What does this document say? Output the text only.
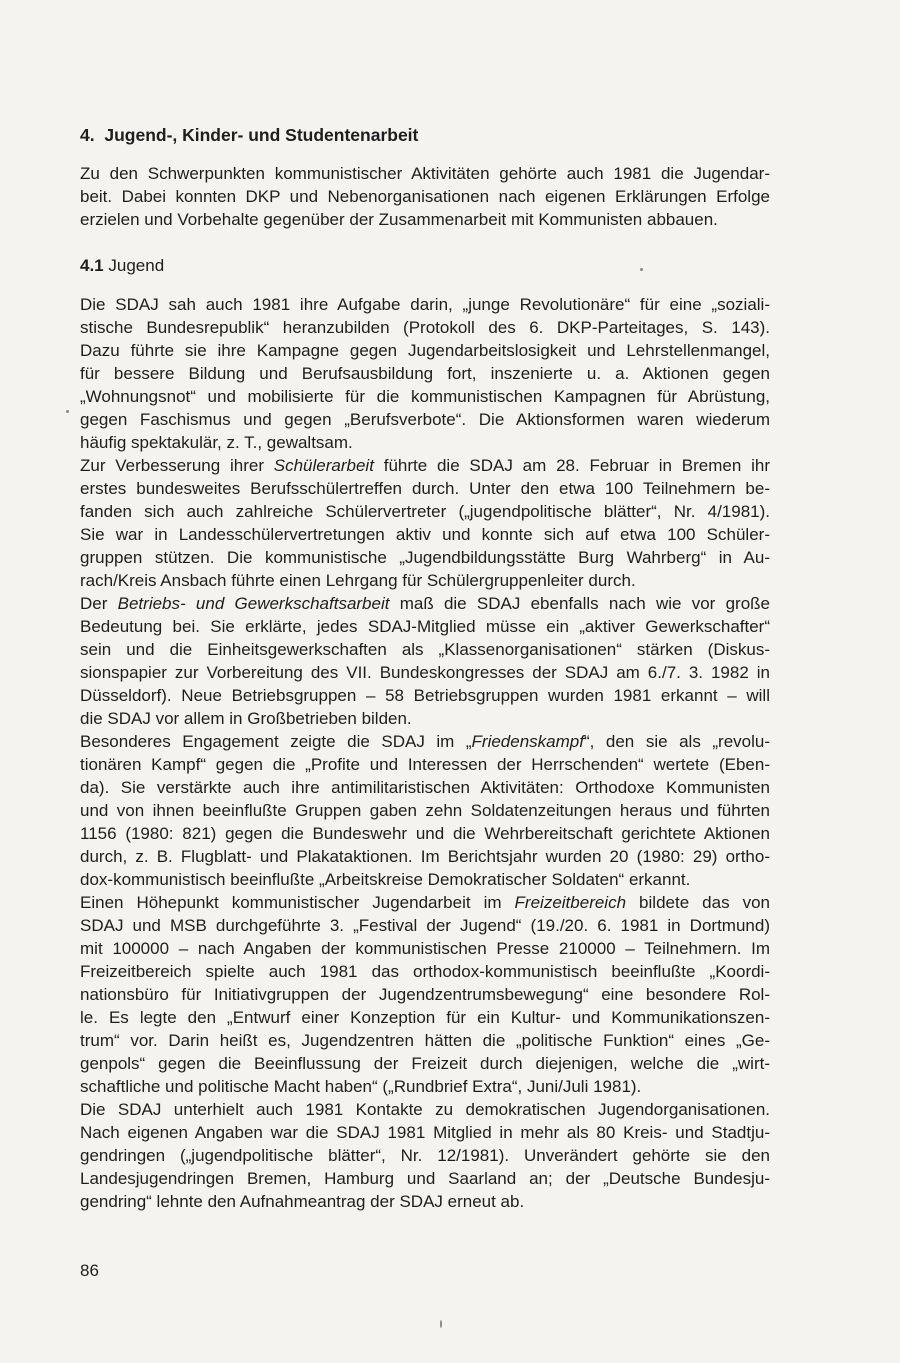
4. Jugend-, Kinder- und Studentenarbeit
Zu den Schwerpunkten kommunistischer Aktivitäten gehörte auch 1981 die Jugendar-
beit. Dabei konnten DKP und Nebenorganisationen nach eigenen Erklärungen Erfolge
erzielen und Vorbehalte gegenüber der Zusammenarbeit mit Kommunisten abbauen.
4.1 Jugend
Die SDAJ sah auch 1981 ihre Aufgabe darin, „junge Revolutionäre“ für eine „soziali-
stische Bundesrepublik“ heranzubilden (Protokoll des 6. DKP-Parteitages, S. 143).
Dazu führte sie ihre Kampagne gegen Jugendarbeitslosigkeit und Lehrstellenmangel,
für bessere Bildung und Berufsausbildung fort, inszenierte u. a. Aktionen gegen
„Wohnungsnot“ und mobilisierte für die kommunistischen Kampagnen für Abrüstung,
gegen Faschismus und gegen „Berufsverbote“. Die Aktionsformen waren wiederum
häufig spektakulär, z. T., gewaltsam.
Zur Verbesserung ihrer Schülerarbeit führte die SDAJ am 28. Februar in Bremen ihr
erstes bundesweites Berufsschülertreffen durch. Unter den etwa 100 Teilnehmern be-
fanden sich auch zahlreiche Schülervertreter („jugendpolitische blätter“, Nr. 4/1981).
Sie war in Landesschülervertretungen aktiv und konnte sich auf etwa 100 Schüler-
gruppen stützen. Die kommunistische „Jugendbildungsstätte Burg Wahrberg“ in Au-
rach/Kreis Ansbach führte einen Lehrgang für Schülergruppenleiter durch.
Der Betriebs- und Gewerkschaftsarbeit maß die SDAJ ebenfalls nach wie vor große
Bedeutung bei. Sie erklärte, jedes SDAJ-Mitglied müsse ein „aktiver Gewerkschafter“
sein und die Einheitsgewerkschaften als „Klassenorganisationen“ stärken (Diskus-
sionspapier zur Vorbereitung des VII. Bundeskongresses der SDAJ am 6./7. 3. 1982 in
Düsseldorf). Neue Betriebsgruppen – 58 Betriebsgruppen wurden 1981 erkannt – will
die SDAJ vor allem in Großbetrieben bilden.
Besonderes Engagement zeigte die SDAJ im „Friedenskampf“, den sie als „revolu-
tionären Kampf“ gegen die „Profite und Interessen der Herrschenden“ wertete (Eben-
da). Sie verstärkte auch ihre antimilitaristischen Aktivitäten: Orthodoxe Kommunisten
und von ihnen beeinflußte Gruppen gaben zehn Soldatenzeitungen heraus und führten
1156 (1980: 821) gegen die Bundeswehr und die Wehrbereitschaft gerichtete Aktionen
durch, z. B. Flugblatt- und Plakataktionen. Im Berichtsjahr wurden 20 (1980: 29) ortho-
dox-kommunistisch beeinflußte „Arbeitskreise Demokratischer Soldaten“ erkannt.
Einen Höhepunkt kommunistischer Jugendarbeit im Freizeitbereich bildete das von
SDAJ und MSB durchgeführte 3. „Festival der Jugend“ (19./20. 6. 1981 in Dortmund)
mit 100000 – nach Angaben der kommunistischen Presse 210000 – Teilnehmern. Im
Freizeitbereich spielte auch 1981 das orthodox-kommunistisch beeinflußte „Koordi-
nationsbüro für Initiativgruppen der Jugendzentrumsbewegung“ eine besondere Rol-
le. Es legte den „Entwurf einer Konzeption für ein Kultur- und Kommunikationszen-
trum“ vor. Darin heißt es, Jugendzentren hätten die „politische Funktion“ eines „Ge-
genpols“ gegen die Beeinflussung der Freizeit durch diejenigen, welche die „wirt-
schaftliche und politische Macht haben“ („Rundbrief Extra“, Juni/Juli 1981).
Die SDAJ unterhielt auch 1981 Kontakte zu demokratischen Jugendorganisationen.
Nach eigenen Angaben war die SDAJ 1981 Mitglied in mehr als 80 Kreis- und Stadtju-
gendringen („jugendpolitische blätter“, Nr. 12/1981). Unverändert gehörte sie den
Landesjugendringen Bremen, Hamburg und Saarland an; der „Deutsche Bundesju-
gendring“ lehnte den Aufnahmeantrag der SDAJ erneut ab.
86
